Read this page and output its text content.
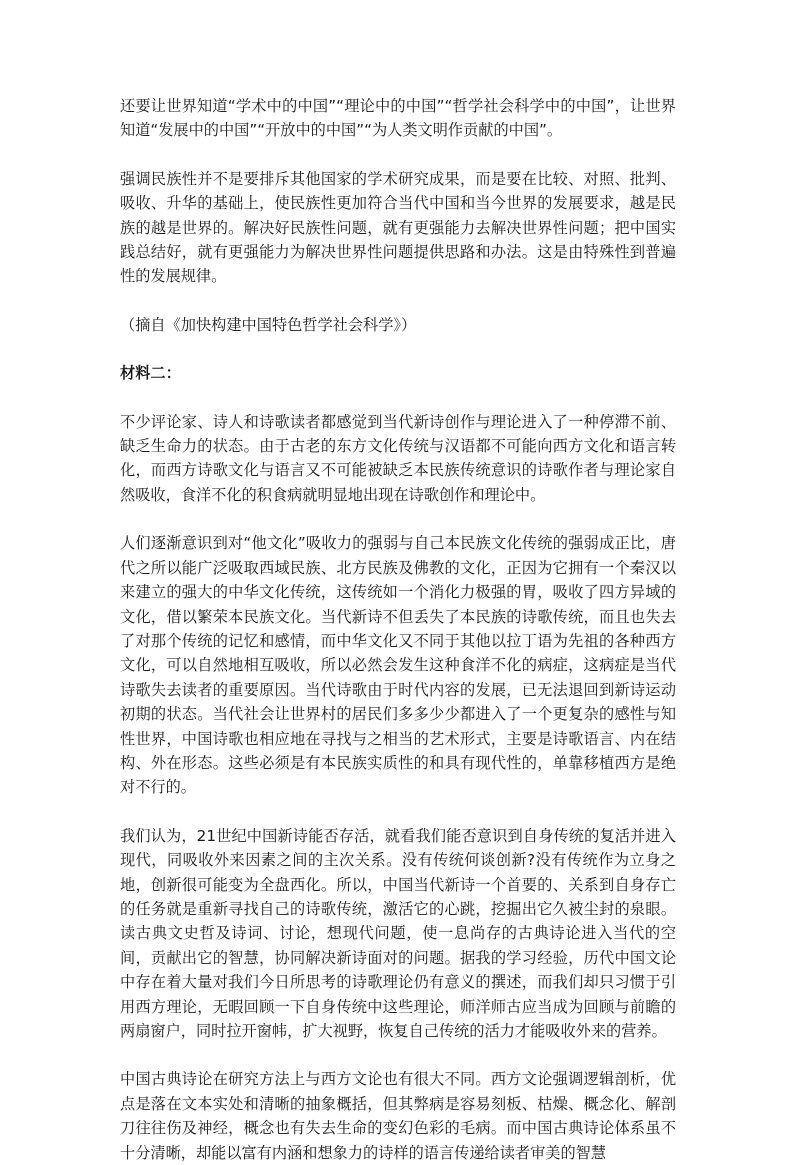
还要让世界知道“学术中的中国”“理论中的中国”“哲学社会科学中的中国”，让世界知道“发展中的中国”“开放中的中国”“为人类文明作贡献的中国”。

强调民族性并不是要排斥其他国家的学术研究成果，而是要在比较、对照、批判、吸收、升华的基础上，使民族性更加符合当代中国和当今世界的发展要求，越是民族的越是世界的。解决好民族性问题，就有更强能力去解决世界性问题；把中国实践总结好，就有更强能力为解决世界性问题提供思路和办法。这是由特殊性到普遍性的发展规律。

（摘自《加快构建中国特色哲学社会科学》）

材料二：

不少评论家、诗人和诗歌读者都感觉到当代新诗创作与理论进入了一种停滞不前、缺乏生命力的状态。由于古老的东方文化传统与汉语都不可能向西方文化和语言转化，而西方诗歌文化与语言又不可能被缺乏本民族传统意识的诗歌作者与理论家自然吸收，食洋不化的积食病就明显地出现在诗歌创作和理论中。

人们逐渐意识到对“他文化”吸收力的强弱与自己本民族文化传统的强弱成正比，唐代之所以能广泛吸取西域民族、北方民族及佛教的文化，正因为它拥有一个秦汉以来建立的强大的中华文化传统，这传统如一个消化力极强的胃，吸收了四方异域的文化，借以繁荣本民族文化。当代新诗不但丢失了本民族的诗歌传统，而且也失去了对那个传统的记忆和感情，而中华文化又不同于其他以拉丁语为先祖的各种西方文化，可以自然地相互吸收，所以必然会发生这种食洋不化的病症，这病症是当代诗歌失去读者的重要原因。当代诗歌由于时代内容的发展，已无法退回到新诗运动初期的状态。当代社会让世界村的居民们多多少少都进入了一个更复杂的感性与知性世界，中国诗歌也相应地在寻找与之相当的艺术形式，主要是诗歌语言、内在结构、外在形态。这些必须是有本民族实质性的和具有现代性的，单靠移植西方是绝对不行的。

我们认为，21世纪中国新诗能否存活，就看我们能否意识到自身传统的复活并进入现代，同吸收外来因素之间的主次关系。没有传统何谈创新?没有传统作为立身之地，创新很可能变为全盘西化。所以，中国当代新诗一个首要的、关系到自身存亡的任务就是重新寻找自己的诗歌传统，激活它的心跳，挖掘出它久被尘封的泉眼。读古典文史哲及诗词、讨论，想现代问题，使一息尚存的古典诗论进入当代的空间，贡献出它的智慧，协同解决新诗面对的问题。据我的学习经验，历代中国文论中存在着大量对我们今日所思考的诗歌理论仍有意义的撰述，而我们却只习惯于引用西方理论，无暇回顾一下自身传统中这些理论，师洋师古应当成为回顾与前瞻的两扇窗户，同时拉开窗帏，扩大视野，恢复自己传统的活力才能吸收外来的营养。

中国古典诗论在研究方法上与西方文论也有很大不同。西方文论强调逻辑剖析，优点是落在文本实处和清晰的抽象概括，但其弊病是容易刻板、枯燥、概念化、解剖刀往往伤及神经，概念也有失去生命的变幻色彩的毛病。而中国古典诗论体系虽不十分清晰，却能以富有内涵和想象力的诗样的语言传递给读者审美的智慧
